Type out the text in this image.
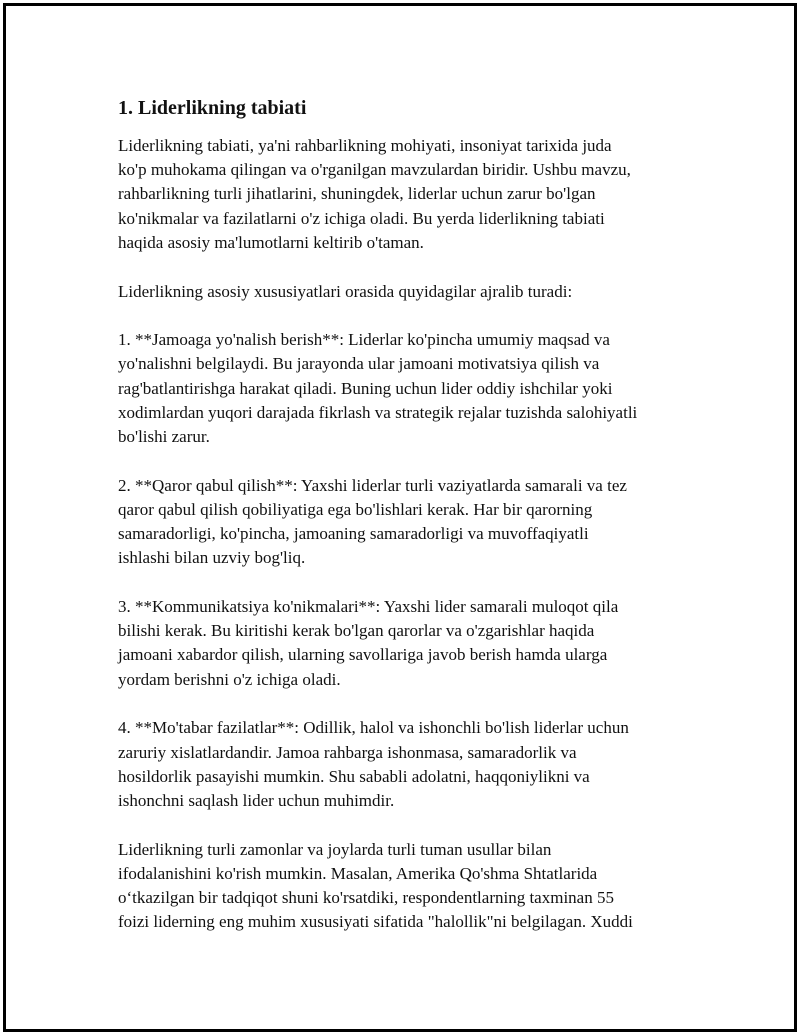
1. Liderlikning tabiati
Liderlikning tabiati, ya'ni rahbarlikning mohiyati, insoniyat tarixida juda
ko'p muhokama qilingan va o'rganilgan mavzulardan biridir. Ushbu mavzu,
rahbarlikning turli jihatlarini, shuningdek, liderlar uchun zarur bo'lgan
ko'nikmalar va fazilatlarni o'z ichiga oladi. Bu yerda liderlikning tabiati
haqida asosiy ma'lumotlarni keltirib o'taman.
Liderlikning asosiy xususiyatlari orasida quyidagilar ajralib turadi:
1. **Jamoaga yo'nalish berish**: Liderlar ko'pincha umumiy maqsad va
yo'nalishni belgilaydi. Bu jarayonda ular jamoani motivatsiya qilish va
rag'batlantirishga harakat qiladi. Buning uchun lider oddiy ishchilar yoki
xodimlardan yuqori darajada fikrlash va strategik rejalar tuzishda salohiyatli
bo'lishi zarur.
2. **Qaror qabul qilish**: Yaxshi liderlar turli vaziyatlarda samarali va tez
qaror qabul qilish qobiliyatiga ega bo'lishlari kerak. Har bir qarorning
samaradorligi, ko'pincha, jamoaning samaradorligi va muvoffaqiyatli
ishlashi bilan uzviy bog'liq.
3. **Kommunikatsiya ko'nikmalari**: Yaxshi lider samarali muloqot qila
bilishi kerak. Bu kiritishi kerak bo'lgan qarorlar va o'zgarishlar haqida
jamoani xabardor qilish, ularning savollariga javob berish hamda ularga
yordam berishni o'z ichiga oladi.
4. **Mo'tabar fazilatlar**: Odillik, halol va ishonchli bo'lish liderlar uchun
zaruriy xislatlardandir. Jamoa rahbarga ishonmasa, samaradorlik va
hosildorlik pasayishi mumkin. Shu sababli adolatni, haqqoniylikni va
ishonchni saqlash lider uchun muhimdir.
Liderlikning turli zamonlar va joylarda turli tuman usullar bilan
ifodalanishini ko'rish mumkin. Masalan, Amerika Qo'shma Shtatlarida
o‘tkazilgan bir tadqiqot shuni ko'rsatdiki, respondentlarning taxminan 55
foizi liderning eng muhim xususiyati sifatida "halollik"ni belgilagan. Xuddi
